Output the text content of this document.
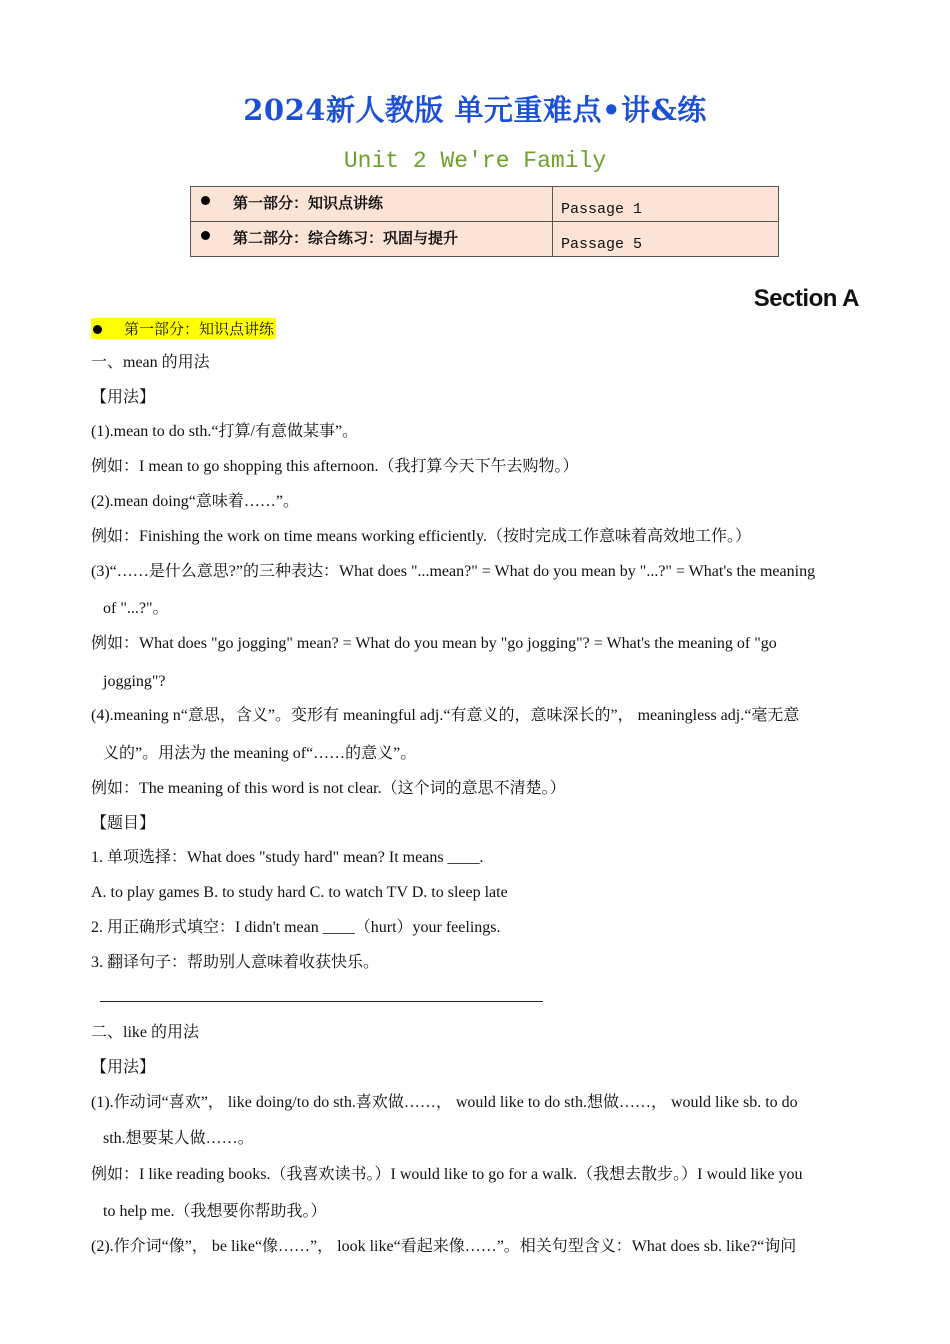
2024新人教版 单元重难点•讲&练
Unit 2 We're Family
第一部分：知识点讲练	Passage 1

第二部分：综合练习：巩固与提升	Passage 5
Section A
第一部分：知识点讲练
一、mean 的用法
【用法】
(1).mean to do sth.“打算/有意做某事”。
例如：I mean to go shopping this afternoon.（我打算今天下午去购物。）
(2).mean doing“意味着……”。
例如：Finishing the work on time means working efficiently.（按时完成工作意味着高效地工作。）
(3)“……是什么意思?”的三种表达：What does "...mean?" = What do you mean by "...?" = What's the meaning
of "...?"。
例如：What does "go jogging" mean? = What do you mean by "go jogging"? = What's the meaning of "go
jogging"?
(4).meaning n“意思，含义”。变形有 meaningful adj.“有意义的，意味深长的”， meaningless adj.“毫无意
义的”。用法为 the meaning of“……的意义”。
例如：The meaning of this word is not clear.（这个词的意思不清楚。）
【题目】
1. 单项选择：What does "study hard" mean? It means ____.
A. to play games B. to study hard C. to watch TV D. to sleep late
2. 用正确形式填空：I didn't mean ____（hurt）your feelings.
3. 翻译句子：帮助别人意味着收获快乐。
二、like 的用法
【用法】
(1).作动词“喜欢”， like doing/to do sth.喜欢做……， would like to do sth.想做……， would like sb. to do
sth.想要某人做……。
例如：I like reading books.（我喜欢读书。）I would like to go for a walk.（我想去散步。）I would like you
to help me.（我想要你帮助我。）
(2).作介词“像”， be like“像……”， look like“看起来像……”。相关句型含义：What does sb. like?“询问
